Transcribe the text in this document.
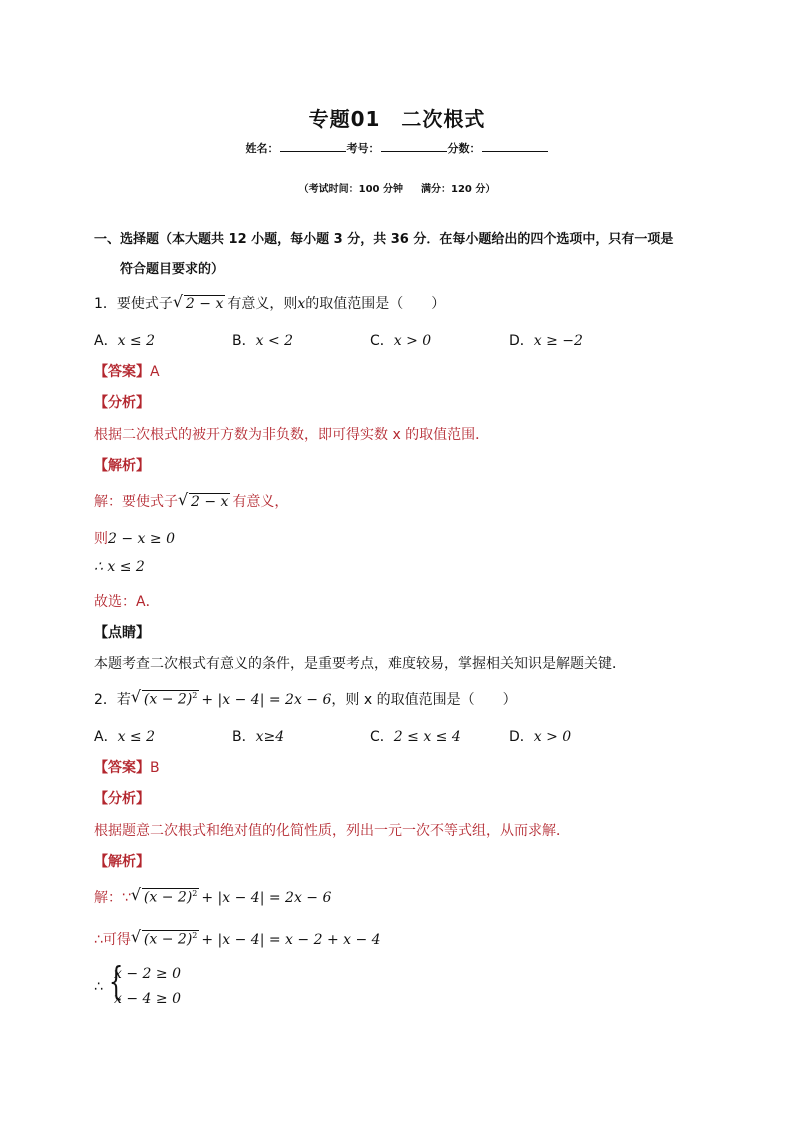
专题01　二次根式
姓名：	考号：	分数：
（考试时间：100 分钟 满分：120 分）
一、选择题（本大题共 12 小题，每小题 3 分，共 36 分．在每小题给出的四个选项中，只有一项是
符合题目要求的）
1．要使式子 √ 2 − x 有意义，则x的取值范围是（　　）
A．x ≤ 2	B．x < 2	C．x > 0	D．x ≥ −2
【答案】A
【分析】
根据二次根式的被开方数为非负数，即可得实数 x 的取值范围．
【解析】
解：要使式子 √ 2 − x 有意义，
则2 − x ≥ 0
∴ x ≤ 2
故选：A．
【点睛】
本题考查二次根式有意义的条件，是重要考点，难度较易，掌握相关知识是解题关键．
2．若 √ $(x - 2)^2 + |x - 4| = 2x - 6$，则 x 的取值范围是（　　）
A．x ≤ 2	B．x≥4	C．2 ≤ x ≤ 4	D．x > 0
【答案】B
【分析】
根据题意二次根式和绝对值的化简性质，列出一元一次不等式组，从而求解．
【解析】
解：∵ √ $(x - 2)^2 + |x - 4| = 2x - 6$
∴可得 √ $(x - 2)^2 + |x - 4| = x - 2 + x - 4$
∴ {
x − 2 ≥ 0
x − 4 ≥ 0
